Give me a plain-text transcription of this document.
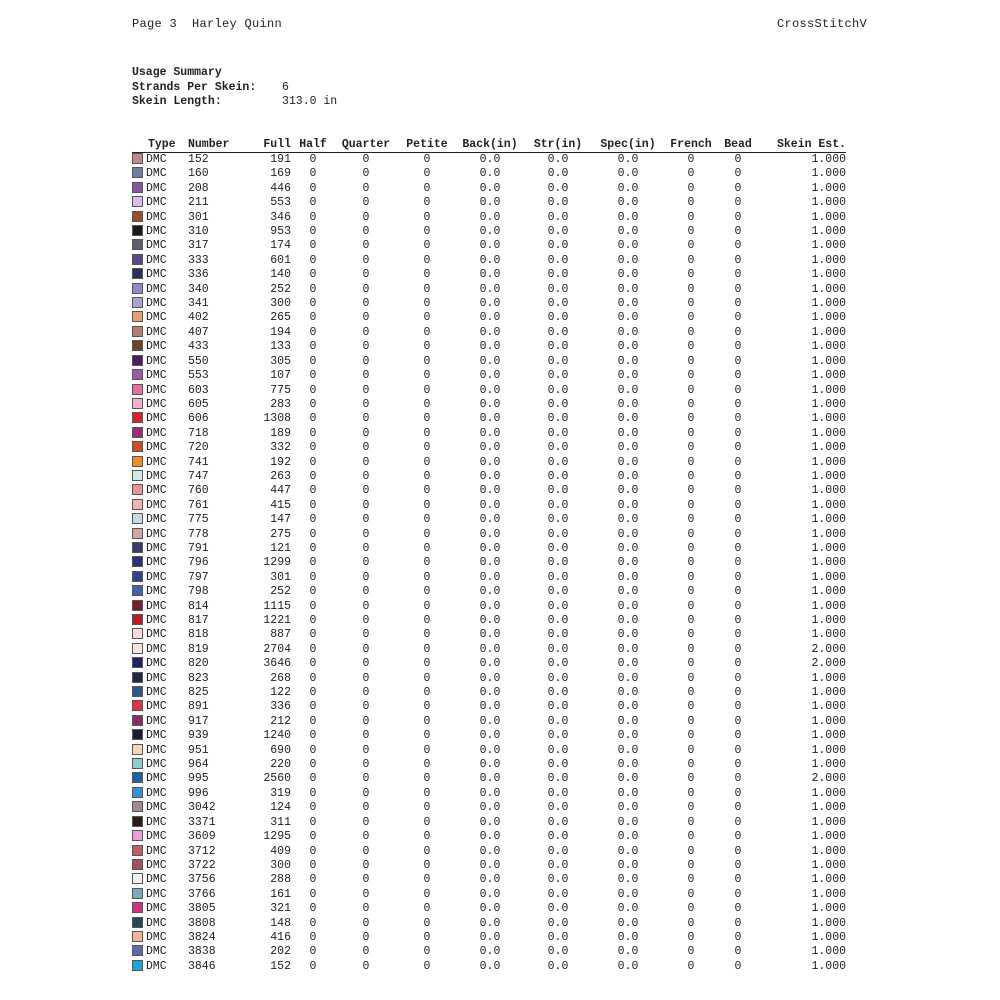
Page 3  Harley Quinn	CrossStitchV
Usage Summary
Strands Per Skein: 6
Skein Length:	313.0 in
Type	Number	Full	Half	Quarter	Petite	Back(in)	Str(in)	Spec(in)	French	Bead	Skein Est.
DMC	152	191	0	0	0	0.0	0.0	0.0	0	0	1.000
DMC	160	169	0	0	0	0.0	0.0	0.0	0	0	1.000
DMC	208	446	0	0	0	0.0	0.0	0.0	0	0	1.000
DMC	211	553	0	0	0	0.0	0.0	0.0	0	0	1.000
DMC	301	346	0	0	0	0.0	0.0	0.0	0	0	1.000
DMC	310	953	0	0	0	0.0	0.0	0.0	0	0	1.000
DMC	317	174	0	0	0	0.0	0.0	0.0	0	0	1.000
DMC	333	601	0	0	0	0.0	0.0	0.0	0	0	1.000
DMC	336	140	0	0	0	0.0	0.0	0.0	0	0	1.000
DMC	340	252	0	0	0	0.0	0.0	0.0	0	0	1.000
DMC	341	300	0	0	0	0.0	0.0	0.0	0	0	1.000
DMC	402	265	0	0	0	0.0	0.0	0.0	0	0	1.000
DMC	407	194	0	0	0	0.0	0.0	0.0	0	0	1.000
DMC	433	133	0	0	0	0.0	0.0	0.0	0	0	1.000
DMC	550	305	0	0	0	0.0	0.0	0.0	0	0	1.000
DMC	553	107	0	0	0	0.0	0.0	0.0	0	0	1.000
DMC	603	775	0	0	0	0.0	0.0	0.0	0	0	1.000
DMC	605	283	0	0	0	0.0	0.0	0.0	0	0	1.000
DMC	606	1308	0	0	0	0.0	0.0	0.0	0	0	1.000
DMC	718	189	0	0	0	0.0	0.0	0.0	0	0	1.000
DMC	720	332	0	0	0	0.0	0.0	0.0	0	0	1.000
DMC	741	192	0	0	0	0.0	0.0	0.0	0	0	1.000
DMC	747	263	0	0	0	0.0	0.0	0.0	0	0	1.000
DMC	760	447	0	0	0	0.0	0.0	0.0	0	0	1.000
DMC	761	415	0	0	0	0.0	0.0	0.0	0	0	1.000
DMC	775	147	0	0	0	0.0	0.0	0.0	0	0	1.000
DMC	778	275	0	0	0	0.0	0.0	0.0	0	0	1.000
DMC	791	121	0	0	0	0.0	0.0	0.0	0	0	1.000
DMC	796	1299	0	0	0	0.0	0.0	0.0	0	0	1.000
DMC	797	301	0	0	0	0.0	0.0	0.0	0	0	1.000
DMC	798	252	0	0	0	0.0	0.0	0.0	0	0	1.000
DMC	814	1115	0	0	0	0.0	0.0	0.0	0	0	1.000
DMC	817	1221	0	0	0	0.0	0.0	0.0	0	0	1.000
DMC	818	887	0	0	0	0.0	0.0	0.0	0	0	1.000
DMC	819	2704	0	0	0	0.0	0.0	0.0	0	0	2.000
DMC	820	3646	0	0	0	0.0	0.0	0.0	0	0	2.000
DMC	823	268	0	0	0	0.0	0.0	0.0	0	0	1.000
DMC	825	122	0	0	0	0.0	0.0	0.0	0	0	1.000
DMC	891	336	0	0	0	0.0	0.0	0.0	0	0	1.000
DMC	917	212	0	0	0	0.0	0.0	0.0	0	0	1.000
DMC	939	1240	0	0	0	0.0	0.0	0.0	0	0	1.000
DMC	951	690	0	0	0	0.0	0.0	0.0	0	0	1.000
DMC	964	220	0	0	0	0.0	0.0	0.0	0	0	1.000
DMC	995	2560	0	0	0	0.0	0.0	0.0	0	0	2.000
DMC	996	319	0	0	0	0.0	0.0	0.0	0	0	1.000
DMC	3042	124	0	0	0	0.0	0.0	0.0	0	0	1.000
DMC	3371	311	0	0	0	0.0	0.0	0.0	0	0	1.000
DMC	3609	1295	0	0	0	0.0	0.0	0.0	0	0	1.000
DMC	3712	409	0	0	0	0.0	0.0	0.0	0	0	1.000
DMC	3722	300	0	0	0	0.0	0.0	0.0	0	0	1.000
DMC	3756	288	0	0	0	0.0	0.0	0.0	0	0	1.000
DMC	3766	161	0	0	0	0.0	0.0	0.0	0	0	1.000
DMC	3805	321	0	0	0	0.0	0.0	0.0	0	0	1.000
DMC	3808	148	0	0	0	0.0	0.0	0.0	0	0	1.000
DMC	3824	416	0	0	0	0.0	0.0	0.0	0	0	1.000
DMC	3838	202	0	0	0	0.0	0.0	0.0	0	0	1.000
DMC	3846	152	0	0	0	0.0	0.0	0.0	0	0	1.000
